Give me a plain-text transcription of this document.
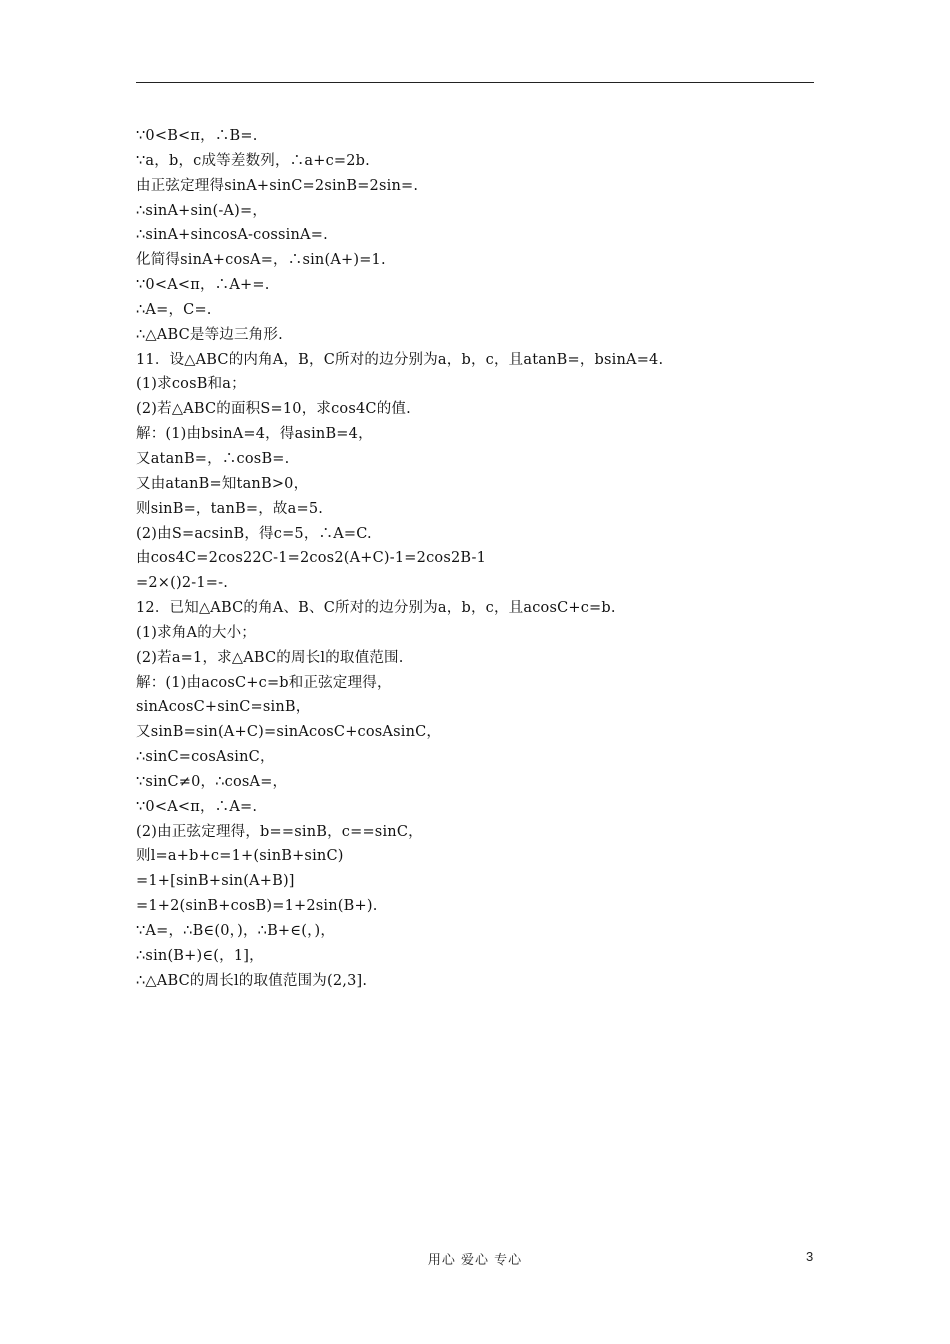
∵0<B<π，∴B=.
∵a，b，c成等差数列，∴a+c=2b.
由正弦定理得sinA+sinC=2sinB=2sin=.
∴sinA+sin(-A)=，
∴sinA+sincosA-cossinA=.
化简得sinA+cosA=，∴sin(A+)=1.
∵0<A<π，∴A+=.
∴A=，C=.
∴△ABC是等边三角形.
11．设△ABC的内角A，B，C所对的边分别为a，b，c，且atanB=，bsinA=4.
(1)求cosB和a；
(2)若△ABC的面积S=10，求cos4C的值.
解：(1)由bsinA=4，得asinB=4，
又atanB=，∴cosB=.
又由atanB=知tanB>0，
则sinB=，tanB=，故a=5.
(2)由S=acsinB，得c=5，∴A=C.
由cos4C=2cos22C-1=2cos2(A+C)-1=2cos2B-1
=2×()2-1=-.
12．已知△ABC的角A、B、C所对的边分别为a，b，c，且acosC+c=b.
(1)求角A的大小；
(2)若a=1，求△ABC的周长l的取值范围.
解：(1)由acosC+c=b和正弦定理得，
sinAcosC+sinC=sinB，
又sinB=sin(A+C)=sinAcosC+cosAsinC，
∴sinC=cosAsinC，
∵sinC≠0，∴cosA=，
∵0<A<π，∴A=.
(2)由正弦定理得，b==sinB，c==sinC，
则l=a+b+c=1+(sinB+sinC)
=1+[sinB+sin(A+B)]
=1+2(sinB+cosB)=1+2sin(B+).
∵A=，∴B∈(0，)，∴B+∈(，)，
∴sin(B+)∈(，1]，
∴△ABC的周长l的取值范围为(2,3].
用心 爱心 专心	3
